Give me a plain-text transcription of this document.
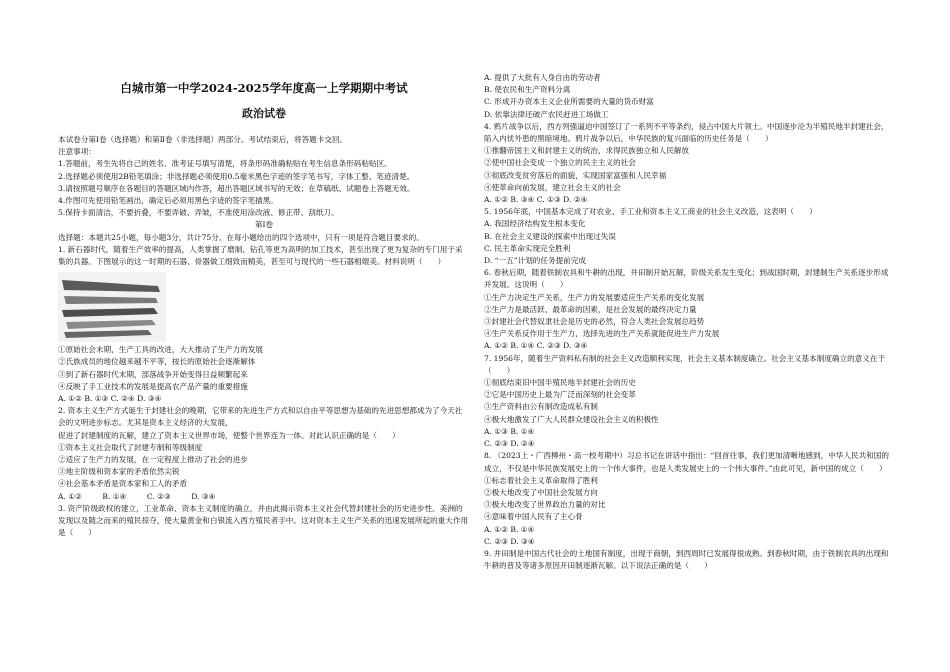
白城市第一中学2024-2025学年度高一上学期期中考试
政治试卷

本试卷分第Ⅰ卷（选择题）和第Ⅱ卷（非选择题）两部分。考试结束后，将答题卡交回。

注意事项：

1.答题前，考生先将自己的姓名、准考证号填写清楚，将条形码准确粘贴在考生信息条形码粘贴区。

2.选择题必须使用2B铅笔填涂；非选择题必须使用0.5毫米黑色字迹的签字笔书写，字体工整、笔迹清楚。

3.请按照题号顺序在各题目的答题区域内作答，超出答题区域书写的无效；在草稿纸、试题卷上答题无效。

4.作图可先使用铅笔画出，确定后必须用黑色字迹的签字笔描黑。

5.保持卡面清洁，不要折叠，不要弄破、弄皱，不准使用涂改液、修正带、刮纸刀。

第Ⅰ卷

选择题：本题共25小题，每小题3分，共计75分。在每小题给出的四个选项中，只有一项是符合题目要求的。

1. 新石器时代，随着生产效率的提高，人类掌握了磨制、钻孔等更为高明的加工技术，甚至出现了更为复杂的专门用于采集的兵器。下图展示的这一时期的石器、骨器做工细致而精美，甚至可与现代的一些石器相媲美。材料说明（　　）

①原始社会末期，生产工具的改进，大大推动了生产力的发展

②氏族成员的地位越来越不平等，按长的原始社会逐渐解体

③到了新石器时代末期，部落战争开始变得日益频繁起来

④反映了手工业技术的发展是提高农产品产量的重要措施

A. ①② B. ①③ C. ②④ D. ③④

2. 资本主义生产方式诞生于封建社会的晚期，它带来的先进生产方式和以自由平等思想为基础的先进思想都成为了今天社会的文明进步标志。尤其是资本主义经济的大发展，

促进了封建制度的瓦解，建立了资本主义世界市场，使整个世界连为一体。对此认识正确的是（　　）

①资本主义社会取代了封建专制和等级制度

②适应了生产力的发展，在一定程度上推动了社会的进步

③地主阶级和资本家的矛盾依然尖锐

④社会基本矛盾是资本家和工人的矛盾

A. ①②	B. ①④	C. ②③	D. ③④

3. 资产阶级政权的建立，工业革命、资本主义制度的确立，并由此揭示资本主义社会代替封建社会的历史进步性。美洲的发现以及随之而来的殖民掠夺，使大量黄金和白银流入西方殖民者手中。这对资本主义生产关系的迅速发展所起的重大作用是（　　）

A. 提供了大批有人身自由的劳动者

B. 使农民和生产资料分离

C. 形成开办资本主义企业所需要的大量的货币财富

D. 依靠法律还破产农民赶进工场做工

4. 鸦片战争以后，西方列强逼迫中国签订了一系列不平等条约，侵占中国大片领土。中国逐步沦为半殖民地半封建社会，陷入内忧外患的黑暗境地。鸦片战争以后，中华民族的复兴面临的历史任务是（　　）

①推翻帝国主义和封建主义的统治，求得民族独立和人民解放

②使中国社会变成一个独立的民主主义的社会

③彻底改变贫穷落后的面貌，实现国家富强和人民幸福

④使革命向前发展，建立社会主义的社会

A. ①② B. ③④ C. ①③ D. ②④

5. 1956年底，中国基本完成了对农业、手工业和资本主义工商业的社会主义改造，这表明（　　）

A. 我国经济结构发生根本变化

B. 在社会主义建设的探索中出现过失误

C. 民主革命实现完全胜利

D. “一五”计划的任务提前完成

6. 春秋后期，随着铁制农具和牛耕的出现，井田制开始瓦解，阶级关系发生变化；到战国时期，封建制生产关系逐步形成并发展。这说明（　　）

①生产力决定生产关系，生产力的发展要适应生产关系的变化发展

②生产力是最活跃、最革命的因素，是社会发展的最终决定力量

③封建社会代替奴隶社会是历史的必然，符合人类社会发展总趋势

④生产关系反作用于生产力，选择先进的生产关系就能促进生产力发展

A. ①② B. ①④ C. ②③ D. ③④

7. 1956年，随着生产资料私有制的社会主义改造顺利实现，社会主义基本制度确立。社会主义基本制度确立的意义在于（　　）

①彻底结束旧中国半殖民地半封建社会的历史

②它是中国历史上最为广泛而深刻的社会变革

③生产资料由公有制改造成私有制

④极大地激发了广大人民群众建设社会主义的积极性

A. ①③ B. ①④

C. ②③ D. ②④

8. （2023上・广西柳州・高一校考期中）习总书记在讲话中指出：“回首往事，我们更加清晰地感到，中华人民共和国的成立，不仅是中华民族发展史上的一个伟大事件，也是人类发展史上的一个伟大事件。”由此可见，新中国的成立（　　）

①标志着社会主义革命取得了胜利

②极大地改变了中国社会发展方向

③极大地改变了世界政治力量的对比

④意味着中国人民有了主心骨

A. ①② B. ①④

C. ②③ D. ③④

9. 井田制是中国古代社会的土地国有制度，出现于商朝，到西周时已发展得很成熟。到春秋时期，由于铁制农具的出现和牛耕的普及等诸多原因开田制逐渐瓦解。以下说法正确的是（　　）
